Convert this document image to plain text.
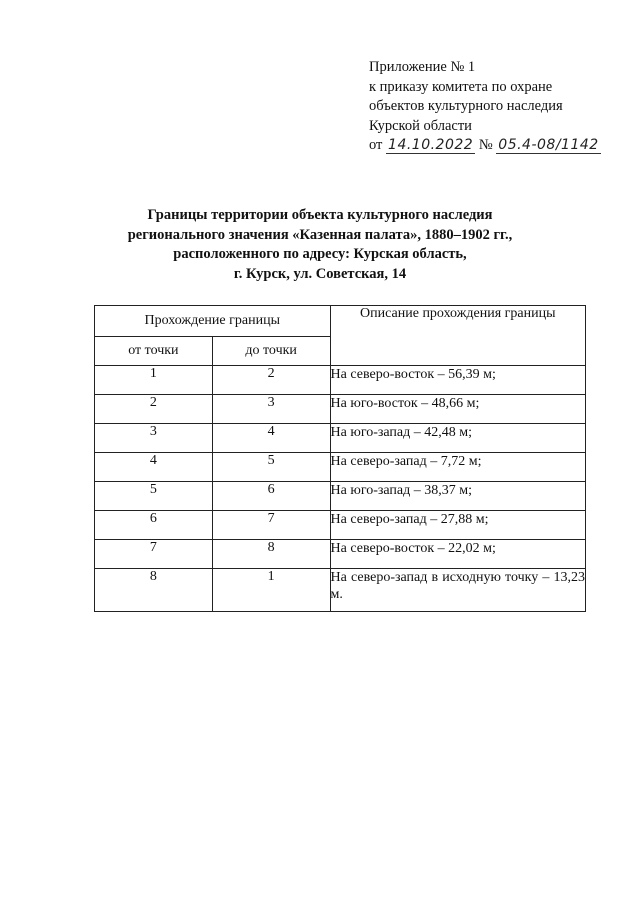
Приложение № 1
к приказу комитета по охране
объектов культурного наследия
Курской области
от 14.10.2022 № 05.4-08/1142
Границы территории объекта культурного наследия
регионального значения «Казенная палата», 1880–1902 гг.,
расположенного по адресу: Курская область,
г. Курск, ул. Советская, 14
Прохождение границы		Описание прохождения границы
от точки	до точки	
1	2	На северо-восток – 56,39 м;
2	3	На юго-восток – 48,66 м;
3	4	На юго-запад – 42,48 м;
4	5	На северо-запад – 7,72 м;
5	6	На юго-запад – 38,37 м;
6	7	На северо-запад – 27,88 м;
7	8	На северо-восток – 22,02 м;
8	1	На северо-запад в исходную точку – 13,23 м.
